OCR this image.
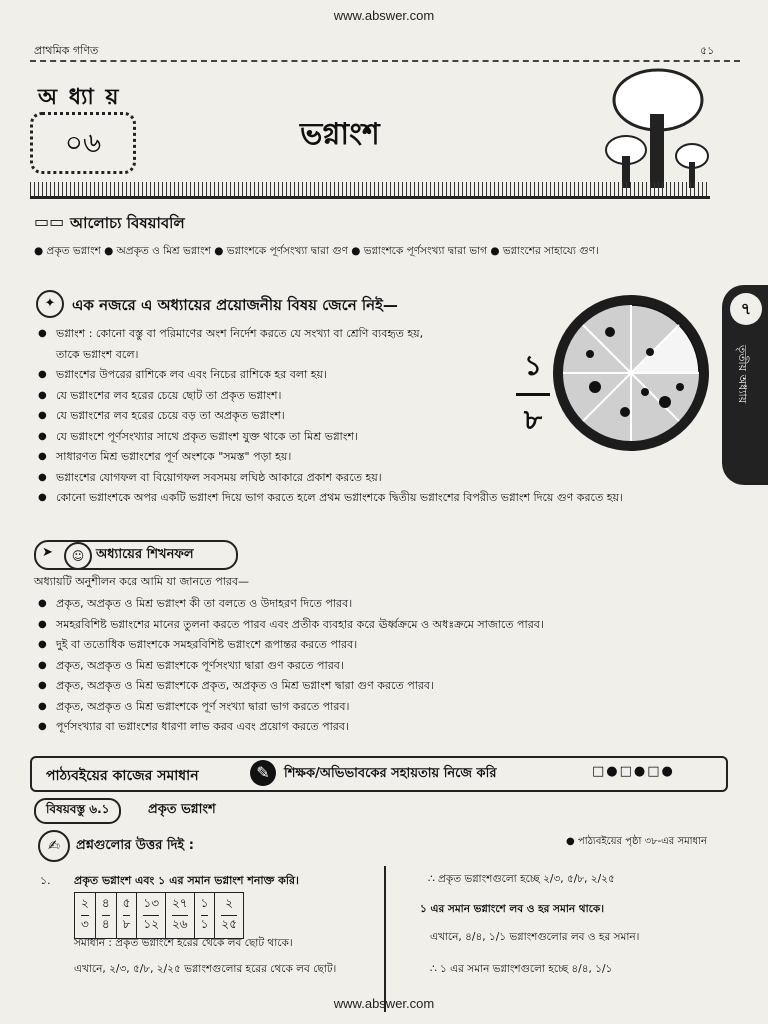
www.abswer.com
প্রাথমিক গণিত	৫১
অ ধ্যা য়
০৬	ভগ্নাংশ
▭▭ আলোচ্য বিষয়াবলি
● প্রকৃত ভগ্নাংশ ● অপ্রকৃত ও মিশ্র ভগ্নাংশ ● ভগ্নাংশকে পূর্ণসংখ্যা দ্বারা গুণ ● ভগ্নাংশকে পূর্ণসংখ্যা দ্বারা ভাগ ● ভগ্নাংশের সাহায্যে গুণ।
✦	এক নজরে এ অধ্যায়ের প্রয়োজনীয় বিষয় জেনে নিই—
● ভগ্নাংশ : কোনো বস্তু বা পরিমাণের অংশ নির্দেশ করতে যে সংখ্যা বা শ্রেণি ব্যবহৃত হয়,
তাকে ভগ্নাংশ বলে।
● ভগ্নাংশের উপরের রাশিকে লব এবং নিচের রাশিকে হর বলা হয়।
● যে ভগ্নাংশের লব হরের চেয়ে ছোট তা প্রকৃত ভগ্নাংশ।
● যে ভগ্নাংশের লব হরের চেয়ে বড় তা অপ্রকৃত ভগ্নাংশ।
● যে ভগ্নাংশে পূর্ণসংখ্যার সাথে প্রকৃত ভগ্নাংশ যুক্ত থাকে তা মিশ্র ভগ্নাংশ।
● সাধারণত মিশ্র ভগ্নাংশের পূর্ণ অংশকে "সমস্ত" পড়া হয়।
● ভগ্নাংশের যোগফল বা বিয়োগফল সবসময় লঘিষ্ঠ আকারে প্রকাশ করতে হয়।
● কোনো ভগ্নাংশকে অপর একটি ভগ্নাংশ দিয়ে ভাগ করতে হলে প্রথম ভগ্নাংশকে দ্বিতীয় ভগ্নাংশের বিপরীত ভগ্নাংশ দিয়ে গুণ করতে হয়।
১
৮
৭
তৃতীয় অধ্যায়
➤	☺ অধ্যায়ের শিখনফল
অধ্যায়টি অনুশীলন করে আমি যা জানতে পারব—
● প্রকৃত, অপ্রকৃত ও মিশ্র ভগ্নাংশ কী তা বলতে ও উদাহরণ দিতে পারব।
● সমহরবিশিষ্ট ভগ্নাংশের মানের তুলনা করতে পারব এবং প্রতীক ব্যবহার করে ঊর্ধ্বক্রমে ও অধঃক্রমে সাজাতে পারব।
● দুই বা ততোধিক ভগ্নাংশকে সমহরবিশিষ্ট ভগ্নাংশে রূপান্তর করতে পারব।
● প্রকৃত, অপ্রকৃত ও মিশ্র ভগ্নাংশকে পূর্ণসংখ্যা দ্বারা গুণ করতে পারব।
● প্রকৃত, অপ্রকৃত ও মিশ্র ভগ্নাংশকে প্রকৃত, অপ্রকৃত ও মিশ্র ভগ্নাংশ দ্বারা গুণ করতে পারব।
● প্রকৃত, অপ্রকৃত ও মিশ্র ভগ্নাংশকে পূর্ণ সংখ্যা দ্বারা ভাগ করতে পারব।
● পূর্ণসংখ্যার বা ভগ্নাংশের ধারণা লাভ করব এবং প্রয়োগ করতে পারব।
পাঠ্যবইয়ের কাজের সমাধান	✎	শিক্ষক/অভিভাবকের সহায়তায় নিজে করি	□●□●□●
বিষয়বস্তু ৬.১	প্রকৃত ভগ্নাংশ
✍	প্রশ্নগুলোর উত্তর দিই :	● পাঠ্যবইয়ের পৃষ্ঠা ৩৮-এর সমাধান
১. প্রকৃত ভগ্নাংশ এবং ১ এর সমান ভগ্নাংশ শনাক্ত করি।
২
৩

৪
৪

৫
৮

১৩
১২

২৭
২৬

১
১

২
২৫
সমাধান : প্রকৃত ভগ্নাংশে হরের থেকে লব ছোট থাকে।
এখানে, ২/৩, ৫/৮, ২/২৫ ভগ্নাংশগুলোর হরের থেকে লব ছোট।
∴ প্রকৃত ভগ্নাংশগুলো হচ্ছে ২/৩, ৫/৮, ২/২৫
১ এর সমান ভগ্নাংশে লব ও হর সমান থাকে।
এখানে, ৪/৪, ১/১ ভগ্নাংশগুলোর লব ও হর সমান।
∴ ১ এর সমান ভগ্নাংশগুলো হচ্ছে ৪/৪, ১/১
www.abswer.com
